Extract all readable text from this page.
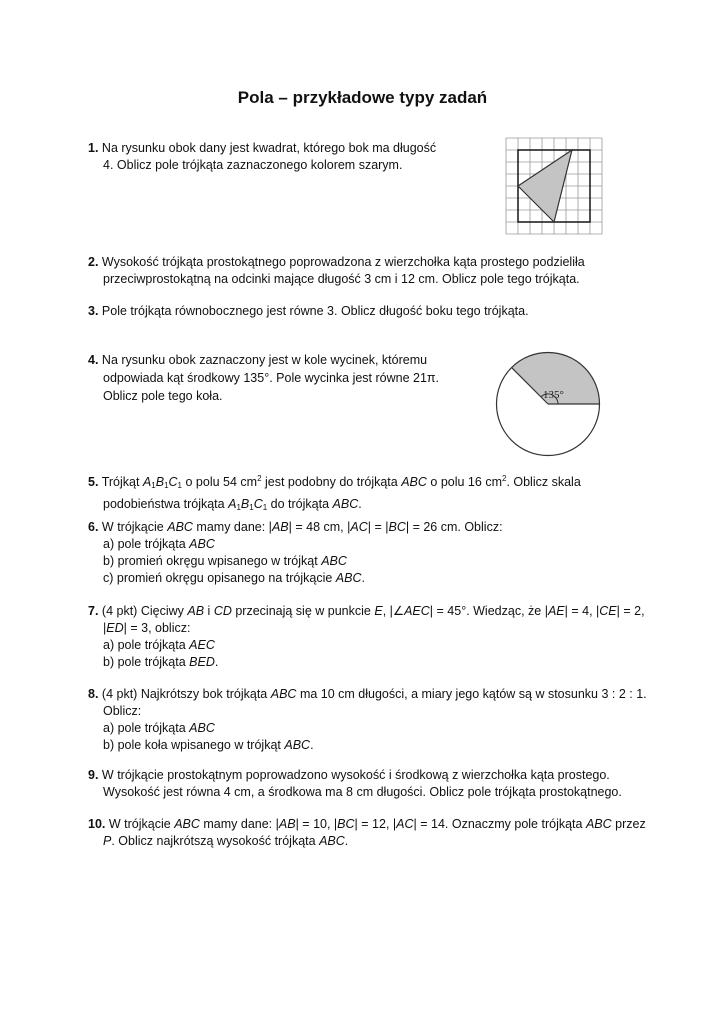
Pola – przykładowe typy zadań
1. Na rysunku obok dany jest kwadrat, którego bok ma długość
4. Oblicz pole trójkąta zaznaczonego kolorem szarym.
2. Wysokość trójkąta prostokątnego poprowadzona z wierzchołka kąta prostego podzieliła
przeciwprostokątną na odcinki mające długość 3 cm i 12 cm. Oblicz pole tego trójkąta.
3. Pole trójkąta równobocznego jest równe 3. Oblicz długość boku tego trójkąta.
4. Na rysunku obok zaznaczony jest w kole wycinek, któremu
odpowiada kąt środkowy 135°. Pole wycinka jest równe 21π.
Oblicz pole tego koła.	135°
5. Trójkąt $A_1B_1C_1$ o polu 54 $cm^2$ jest podobny do trójkąta ABC o polu 16 $cm^2$. Oblicz skala
podobieństwa trójkąta $A_1B_1C_1$ do trójkąta ABC.
6. W trójkącie ABC mamy dane: |AB| = 48 cm, |AC| = |BC| = 26 cm. Oblicz:
a) pole trójkąta ABC
b) promień okręgu wpisanego w trójkąt ABC
c) promień okręgu opisanego na trójkącie ABC.
7. (4 pkt) Cięciwy AB i CD przecinają się w punkcie E, |∠AEC| = 45°. Wiedząc, że |AE| = 4, |CE| = 2,
|ED| = 3, oblicz:
a) pole trójkąta AEC
b) pole trójkąta BED.
8. (4 pkt) Najkrótszy bok trójkąta ABC ma 10 cm długości, a miary jego kątów są w stosunku 3 : 2 : 1.
Oblicz:
a) pole trójkąta ABC
b) pole koła wpisanego w trójkąt ABC.
9. W trójkącie prostokątnym poprowadzono wysokość i środkową z wierzchołka kąta prostego.
Wysokość jest równa 4 cm, a środkowa ma 8 cm długości. Oblicz pole trójkąta prostokątnego.
10. W trójkącie ABC mamy dane: |AB| = 10, |BC| = 12, |AC| = 14. Oznaczmy pole trójkąta ABC przez
P. Oblicz najkrótszą wysokość trójkąta ABC.
